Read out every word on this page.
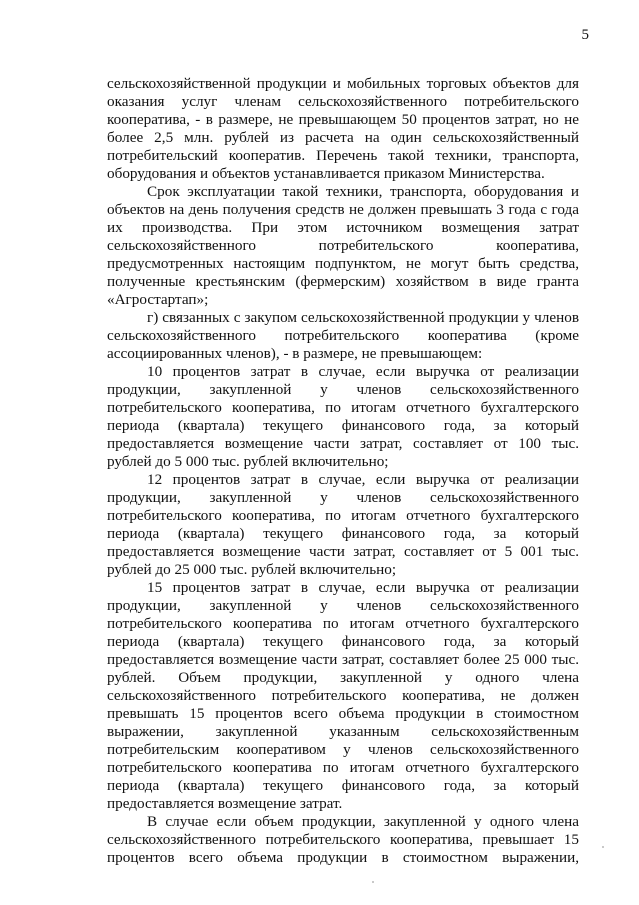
5

сельскохозяйственной продукции и мобильных торговых объектов для оказания услуг членам сельскохозяйственного потребительского кооператива, - в размере, не превышающем 50 процентов затрат, но не более 2,5 млн. рублей из расчета на один сельскохозяйственный потребительский кооператив. Перечень такой техники, транспорта, оборудования и объектов устанавливается приказом Министерства.

Срок эксплуатации такой техники, транспорта, оборудования и объектов на день получения средств не должен превышать 3 года с года их производства. При этом источником возмещения затрат сельскохозяйственного потребительского кооператива, предусмотренных настоящим подпунктом, не могут быть средства, полученные крестьянским (фермерским) хозяйством в виде гранта «Агростартап»;

г) связанных с закупом сельскохозяйственной продукции у членов сельскохозяйственного потребительского кооператива (кроме ассоциированных членов), - в размере, не превышающем:

10 процентов затрат в случае, если выручка от реализации продукции, закупленной у членов сельскохозяйственного потребительского кооператива, по итогам отчетного бухгалтерского периода (квартала) текущего финансового года, за который предоставляется возмещение части затрат, составляет от 100 тыс. рублей до 5 000 тыс. рублей включительно;

12 процентов затрат в случае, если выручка от реализации продукции, закупленной у членов сельскохозяйственного потребительского кооператива, по итогам отчетного бухгалтерского периода (квартала) текущего финансового года, за который предоставляется возмещение части затрат, составляет от 5 001 тыс. рублей до 25 000 тыс. рублей включительно;

15 процентов затрат в случае, если выручка от реализации продукции, закупленной у членов сельскохозяйственного потребительского кооператива по итогам отчетного бухгалтерского периода (квартала) текущего финансового года, за который предоставляется возмещение части затрат, составляет более 25 000 тыс. рублей. Объем продукции, закупленной у одного члена сельскохозяйственного потребительского кооператива, не должен превышать 15 процентов всего объема продукции в стоимостном выражении, закупленной указанным сельскохозяйственным потребительским кооперативом у членов сельскохозяйственного потребительского кооператива по итогам отчетного бухгалтерского периода (квартала) текущего финансового года, за который предоставляется возмещение затрат.

В случае если объем продукции, закупленной у одного члена сельскохозяйственного потребительского кооператива, превышает 15 процентов всего объема продукции в стоимостном выражении,
